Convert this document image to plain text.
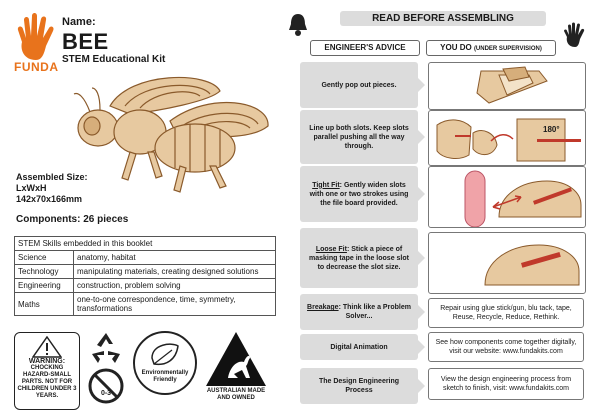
FUNDA
Name:
BEE
STEM Educational Kit
Assembled Size:
LxWxH
142x70x166mm
Components: 26 pieces
STEM Skills embedded in this booklet	
Science	anatomy, habitat
Technology	manipulating materials, creating designed solutions
Engineering	construction, problem solving
Maths	one-to-one correspondence, time, symmetry, transformations
WARNING:
CHOCKING HAZARD-SMALL PARTS. NOT FOR CHILDREN UNDER 3 YEARS.	0-3
Environmentally Friendly
AUSTRALIAN MADE AND OWNED
READ BEFORE ASSEMBLING
ENGINEER'S ADVICE	YOU DO (UNDER SUPERVISION)
Gently pop out pieces.
Line up both slots. Keep slots parallel pushing all the way through.
180°
Tight Fit: Gently widen slots with one or two strokes using the file board provided.
Loose Fit: Stick a piece of masking tape in the loose slot to decrease the slot size.
Breakage: Think like a Problem Solver...
Repair using glue stick/gun, blu tack, tape, Reuse, Recycle, Reduce, Rethink.
Digital Animation
See how components come together digitally, visit our website: www.fundakits.com
The Design Engineering Process
View the design engineering process from sketch to finish, visit: www.fundakits.com
